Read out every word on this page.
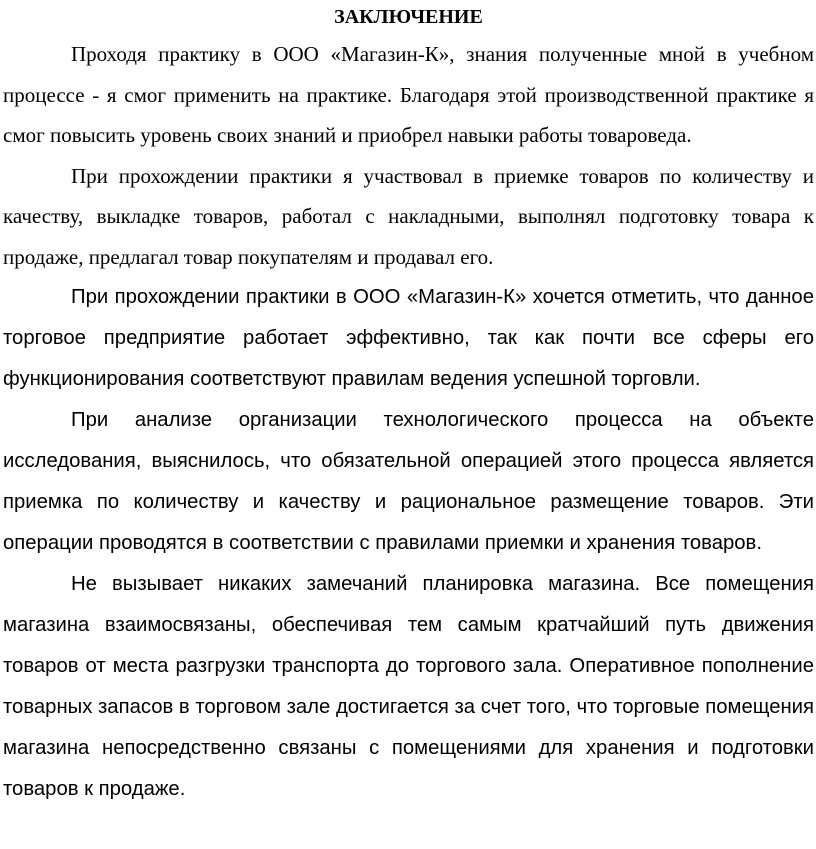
ЗАКЛЮЧЕНИЕ

Проходя практику в ООО «Магазин-К», знания полученные мной в учебном процессе - я смог применить на практике. Благодаря этой производственной практике я смог повысить уровень своих знаний и приобрел навыки работы товароведа.

При прохождении практики я участвовал в приемке товаров по количеству и качеству, выкладке товаров, работал с накладными, выполнял подготовку товара к продаже, предлагал товар покупателям и продавал его.

При прохождении практики в ООО «Магазин-К» хочется отметить, что данное торговое предприятие работает эффективно, так как почти все сферы его функционирования соответствуют правилам ведения успешной торговли.

При анализе организации технологического процесса на объекте исследования, выяснилось, что обязательной операцией этого процесса является приемка по количеству и качеству и рациональное размещение товаров. Эти операции проводятся в соответствии с правилами приемки и хранения товаров.

Не вызывает никаких замечаний планировка магазина. Все помещения магазина взаимосвязаны, обеспечивая тем самым кратчайший путь движения товаров от места разгрузки транспорта до торгового зала. Оперативное пополнение товарных запасов в торговом зале достигается за счет того, что торговые помещения магазина непосредственно связаны с помещениями для хранения и подготовки товаров к продаже.
